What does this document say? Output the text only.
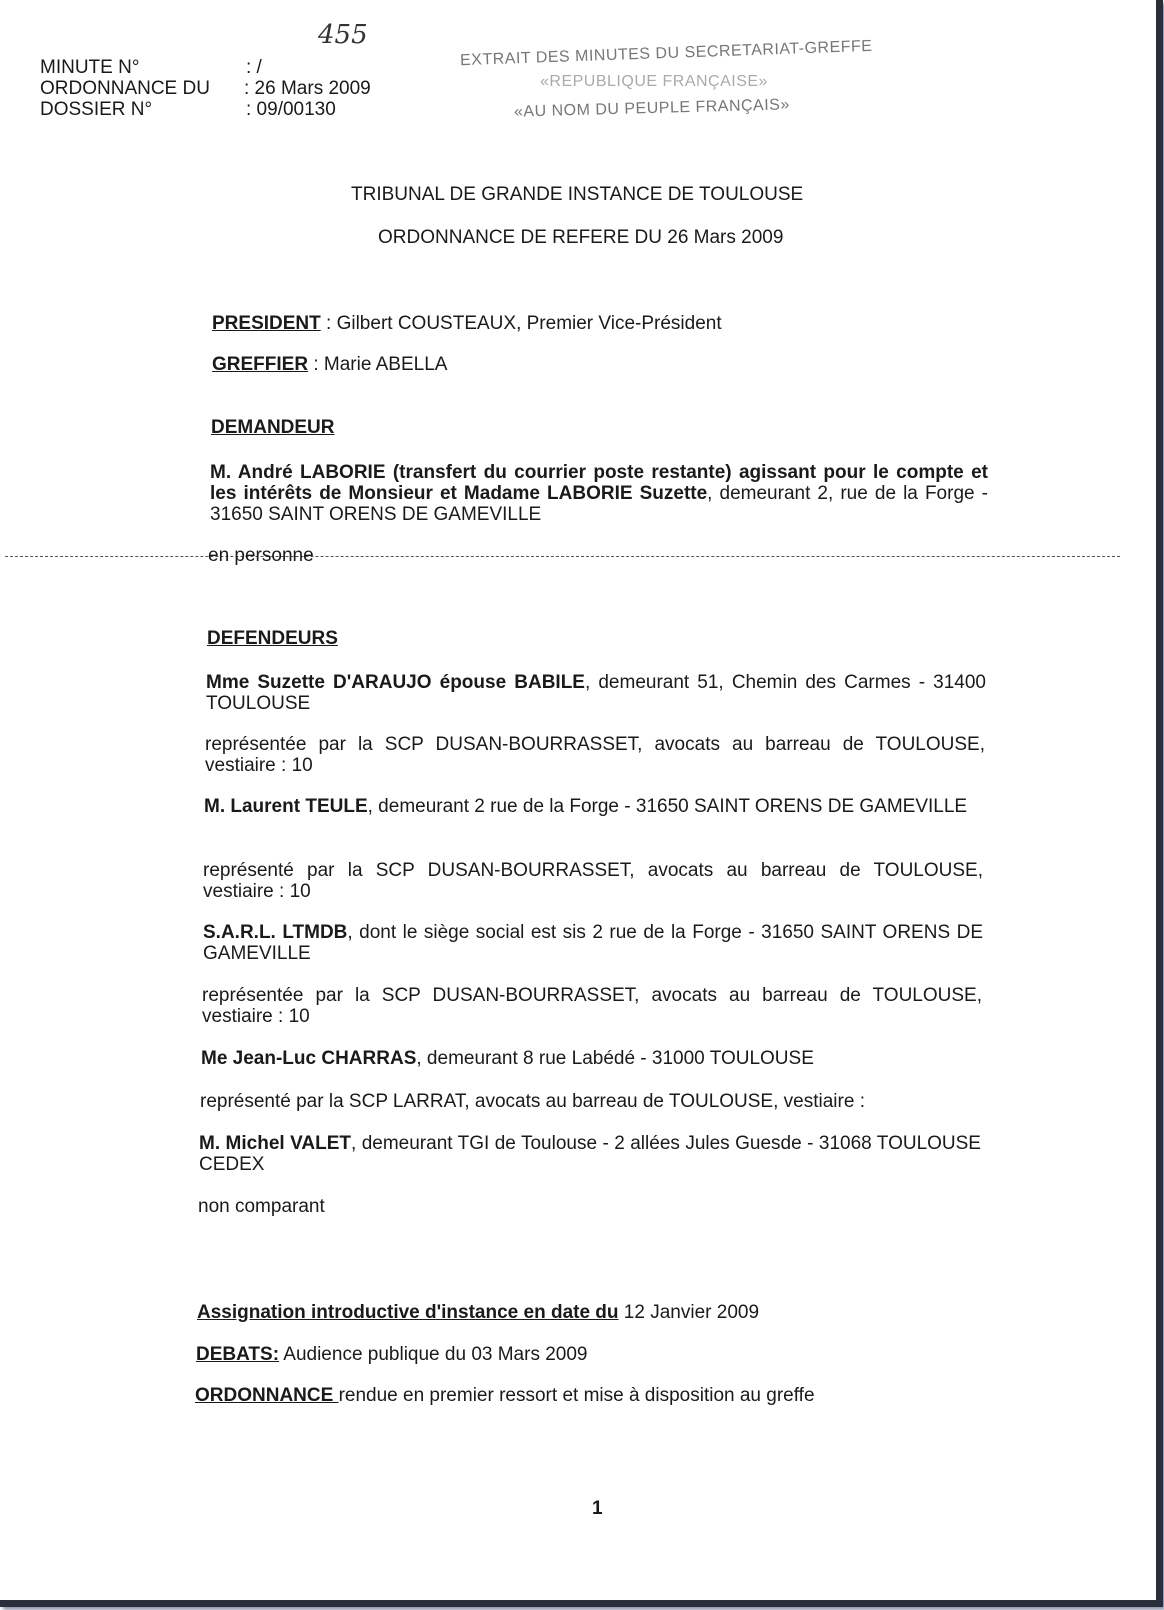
MINUTE N°	: /
455
ORDONNANCE DU : 26 Mars 2009
DOSSIER N°	: 09/00130
EXTRAIT DES MINUTES DU SECRETARIAT-GREFFE
«REPUBLIQUE FRANÇAISE»
«AU NOM DU PEUPLE FRANÇAIS»
TRIBUNAL DE GRANDE INSTANCE DE TOULOUSE
ORDONNANCE DE REFERE DU 26 Mars 2009
PRESIDENT : Gilbert COUSTEAUX, Premier Vice-Président
GREFFIER : Marie ABELLA
DEMANDEUR
M. André LABORIE (transfert du courrier poste restante) agissant pour le compte et les intérêts de Monsieur et Madame LABORIE Suzette, demeurant 2, rue de la Forge - 31650 SAINT ORENS DE GAMEVILLE
en personne
DEFENDEURS
Mme Suzette D'ARAUJO épouse BABILE, demeurant 51, Chemin des Carmes - 31400 TOULOUSE
représentée par la SCP DUSAN-BOURRASSET, avocats au barreau de TOULOUSE, vestiaire : 10
M. Laurent TEULE, demeurant 2 rue de la Forge - 31650 SAINT ORENS DE GAMEVILLE
représenté par la SCP DUSAN-BOURRASSET, avocats au barreau de TOULOUSE, vestiaire : 10
S.A.R.L. LTMDB, dont le siège social est sis 2 rue de la Forge - 31650 SAINT ORENS DE GAMEVILLE
représentée par la SCP DUSAN-BOURRASSET, avocats au barreau de TOULOUSE, vestiaire : 10
Me Jean-Luc CHARRAS, demeurant 8 rue Labédé - 31000 TOULOUSE
représenté par la SCP LARRAT, avocats au barreau de TOULOUSE, vestiaire :
M. Michel VALET, demeurant TGI de Toulouse - 2 allées Jules Guesde - 31068 TOULOUSE CEDEX
non comparant
Assignation introductive d'instance en date du 12 Janvier 2009
DEBATS: Audience publique du 03 Mars 2009
ORDONNANCE rendue en premier ressort et mise à disposition au greffe
1
